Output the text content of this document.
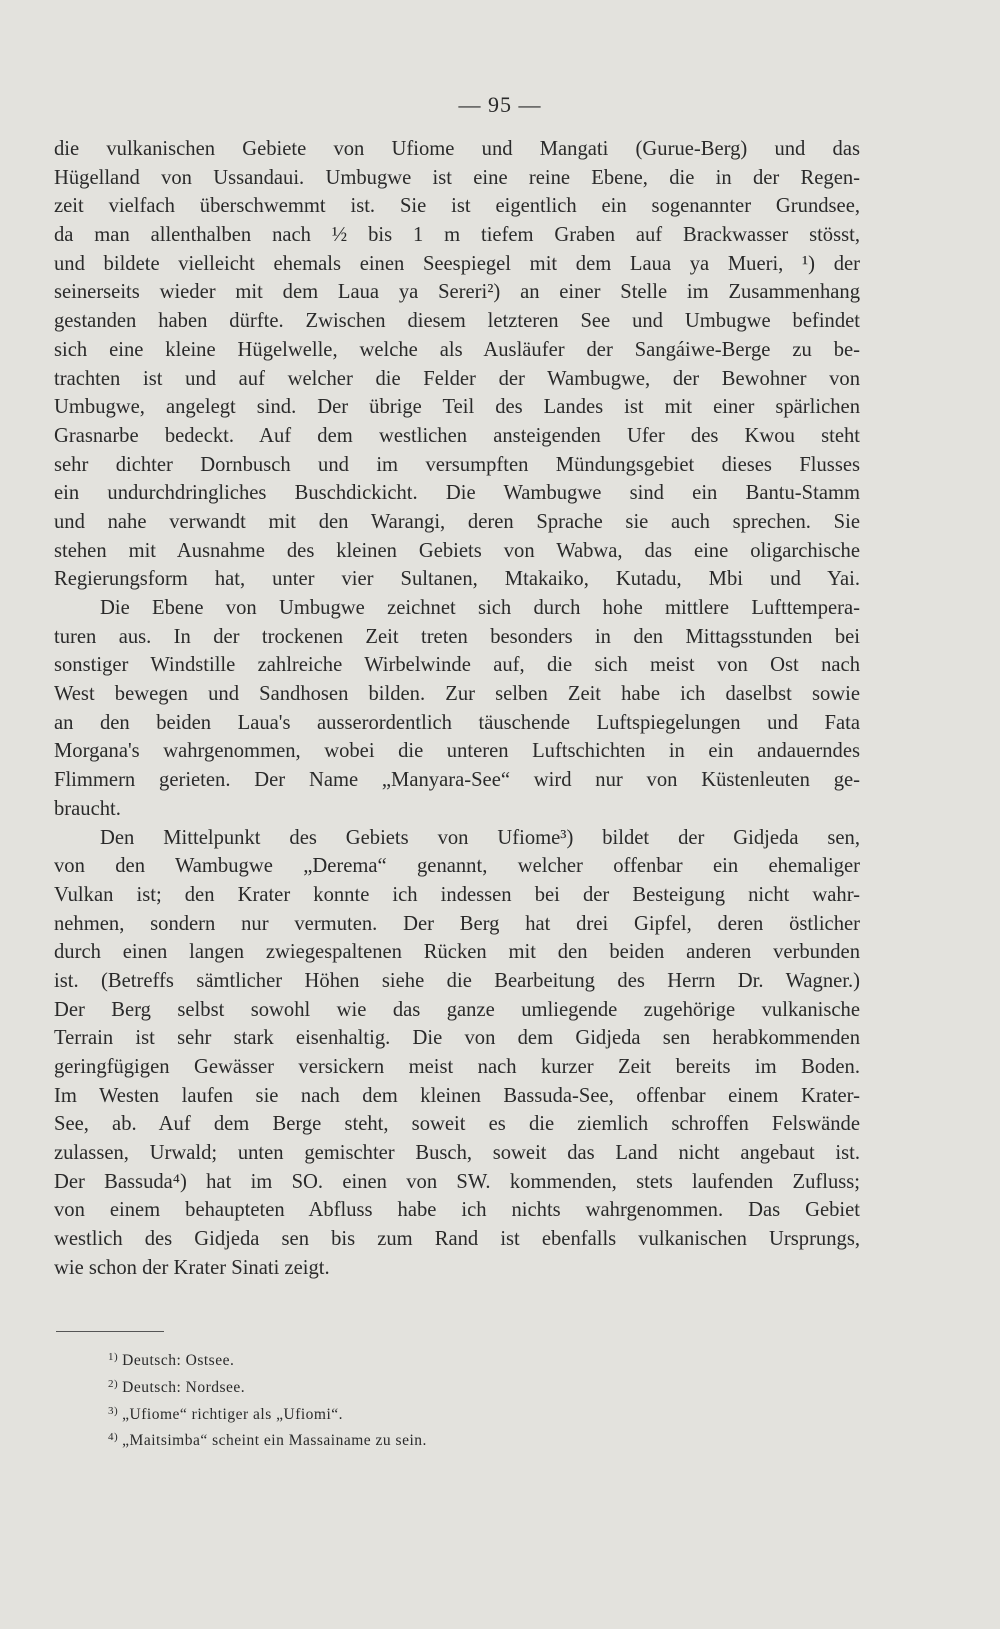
— 95 —
die vulkanischen Gebiete von Ufiome und Mangati (Gurue-Berg) und das
Hügelland von Ussandaui. Umbugwe ist eine reine Ebene, die in der Regen-
zeit vielfach überschwemmt ist. Sie ist eigentlich ein sogenannter Grundsee,
da man allenthalben nach ½ bis 1 m tiefem Graben auf Brackwasser stösst,
und bildete vielleicht ehemals einen Seespiegel mit dem Laua ya Mueri, ¹) der
seinerseits wieder mit dem Laua ya Sereri²) an einer Stelle im Zusammenhang
gestanden haben dürfte. Zwischen diesem letzteren See und Umbugwe befindet
sich eine kleine Hügelwelle, welche als Ausläufer der Sangáiwe-Berge zu be-
trachten ist und auf welcher die Felder der Wambugwe, der Bewohner von
Umbugwe, angelegt sind. Der übrige Teil des Landes ist mit einer spärlichen
Grasnarbe bedeckt. Auf dem westlichen ansteigenden Ufer des Kwou steht
sehr dichter Dornbusch und im versumpften Mündungsgebiet dieses Flusses
ein undurchdringliches Buschdickicht. Die Wambugwe sind ein Bantu-Stamm
und nahe verwandt mit den Warangi, deren Sprache sie auch sprechen. Sie
stehen mit Ausnahme des kleinen Gebiets von Wabwa, das eine oligarchische
Regierungsform hat, unter vier Sultanen, Mtakaiko, Kutadu, Mbi und Yai.
Die Ebene von Umbugwe zeichnet sich durch hohe mittlere Lufttempera-
turen aus. In der trockenen Zeit treten besonders in den Mittagsstunden bei
sonstiger Windstille zahlreiche Wirbelwinde auf, die sich meist von Ost nach
West bewegen und Sandhosen bilden. Zur selben Zeit habe ich daselbst sowie
an den beiden Laua's ausserordentlich täuschende Luftspiegelungen und Fata
Morgana's wahrgenommen, wobei die unteren Luftschichten in ein andauerndes
Flimmern gerieten. Der Name „Manyara-See“ wird nur von Küstenleuten ge-
braucht.
Den Mittelpunkt des Gebiets von Ufiome³) bildet der Gidjeda sen,
von den Wambugwe „Derema“ genannt, welcher offenbar ein ehemaliger
Vulkan ist; den Krater konnte ich indessen bei der Besteigung nicht wahr-
nehmen, sondern nur vermuten. Der Berg hat drei Gipfel, deren östlicher
durch einen langen zwiegespaltenen Rücken mit den beiden anderen verbunden
ist. (Betreffs sämtlicher Höhen siehe die Bearbeitung des Herrn Dr. Wagner.)
Der Berg selbst sowohl wie das ganze umliegende zugehörige vulkanische
Terrain ist sehr stark eisenhaltig. Die von dem Gidjeda sen herabkommenden
geringfügigen Gewässer versickern meist nach kurzer Zeit bereits im Boden.
Im Westen laufen sie nach dem kleinen Bassuda-See, offenbar einem Krater-
See, ab. Auf dem Berge steht, soweit es die ziemlich schroffen Felswände
zulassen, Urwald; unten gemischter Busch, soweit das Land nicht angebaut ist.
Der Bassuda⁴) hat im SO. einen von SW. kommenden, stets laufenden Zufluss;
von einem behaupteten Abfluss habe ich nichts wahrgenommen. Das Gebiet
westlich des Gidjeda sen bis zum Rand ist ebenfalls vulkanischen Ursprungs,
wie schon der Krater Sinati zeigt.
$^{1)}$ Deutsch: Ostsee.
$^{2)}$ Deutsch: Nordsee.
$^{3)}$ „Ufiome“ richtiger als „Ufiomi“.
$^{4)}$ „Maitsimba“ scheint ein Massainame zu sein.
